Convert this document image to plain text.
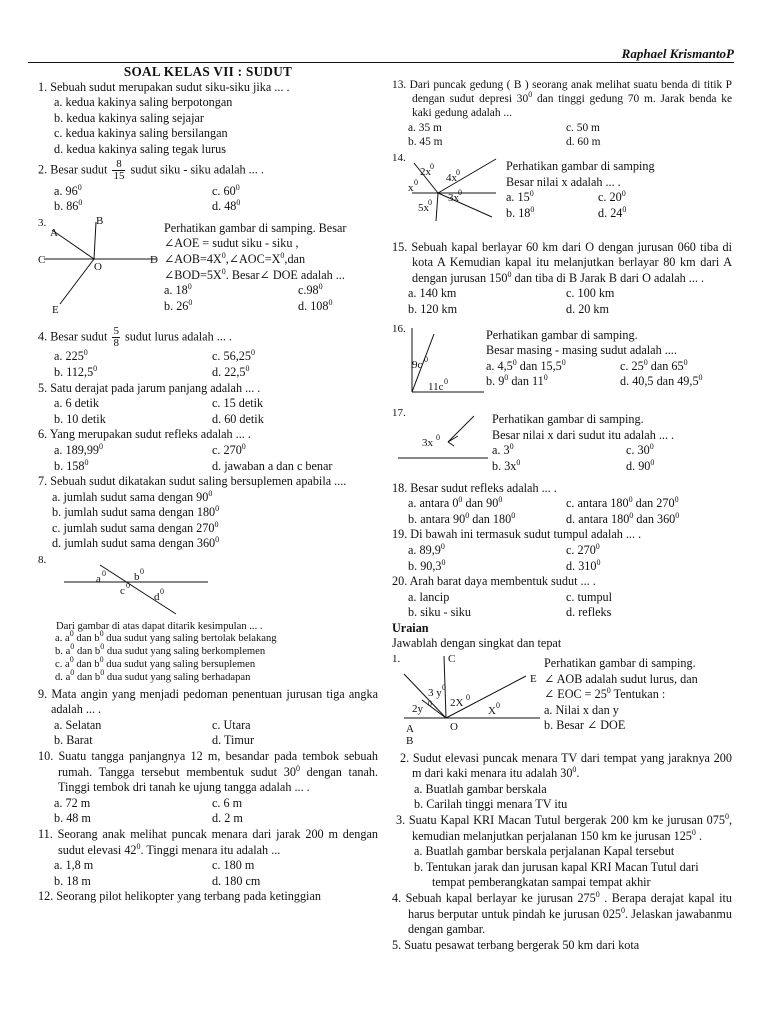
Raphael KrismantoP
SOAL KELAS VII : SUDUT
1. Sebuah sudut merupakan sudut siku-siku jika ... .
a. kedua kakinya saling berpotongan
b. kedua kakinya saling sejajar
c. kedua kakinya saling bersilangan
d. kedua kakinya saling tegak lurus
2. Besar sudut $\frac{8}{15}$ sudut siku - siku adalah ... .
a. $96^0$	c. $60^0$
b. $86^0$	d. $48^0$
3.
A
B
C	D
E
O
Perhatikan gambar di samping. Besar
∠AOE = sudut siku - siku ,
$\angle AOB=4X^0,\angle AOC=X^0,dan$
$\angle BOD=5X^0$. Besar∠ DOE adalah ...
a. $18^0$	$c.98^0$
b. $26^0$	d. $108^0$
4. Besar sudut $\frac{5}{8}$ sudut lurus adalah ... .
a. $225^0$	c. 56,25$^0$
b. 112,5$^0$	d. 22,5$^0$
5. Satu derajat pada jarum panjang adalah ... .
a. 6 detik	c. 15 detik
b. 10 detik	d. 60 detik
6. Yang merupakan sudut refleks adalah ... .
a. 189,99$^0$	c. $270^0$
b. $158^0$	d. jawaban a dan c benar
7. Sebuah sudut dikatakan sudut saling bersuplemen apabila ....
a. jumlah sudut sama dengan $90^0$
b. jumlah sudut sama dengan $180^0$
c. jumlah sudut sama dengan $270^0$
d. jumlah sudut sama dengan $360^0$
8.
a 0	b 0
c 0
d 0
Dari gambar di atas dapat ditarik kesimpulan ... .
a. $a^0$ dan $b^0$ dua sudut yang saling bertolak belakang
b. $a^0$ dan $b^0$ dua sudut yang saling berkomplemen
c. $a^0$ dan $b^0$ dua sudut yang saling bersuplemen
d. $a^0$ dan $b^0$ dua sudut yang saling berhadapan
9. Mata angin yang menjadi pedoman penentuan jurusan tiga angka adalah ... .
a. Selatan	c. Utara
b. Barat	d. Timur
10. Suatu tangga panjangnya 12 m, besandar pada tembok sebuah rumah. Tangga tersebut membentuk sudut $30^0$ dengan tanah. Tinggi tembok dri tanah ke ujung tangga adalah ... .
a. 72 m	c. 6 m
b. 48 m	d. 2 m
11. Seorang anak melihat puncak menara dari jarak 200 m dengan sudut elevasi $42^0$. Tinggi menara itu adalah ...
a. 1,8 m	c. 180 m
b. 18 m	d. 180 cm
12. Seorang pilot helikopter yang terbang pada ketinggian
13. Dari puncak gedung ( B ) seorang anak melihat suatu benda di titik P dengan sudut depresi $30^0$ dan tinggi gedung 70 m. Jarak benda ke kaki gedung adalah ...
a. 35 m	c. 50 m
b. 45 m	d. 60 m
14.
2x 0
4x 0
x 0
3x 0
5x 0
Perhatikan gambar di samping
Besar nilai x adalah ... .
a. $15^0$	c. $20^0$
b. $18^0$	d. $24^0$
15. Sebuah kapal berlayar 60 km dari O dengan jurusan 060 tiba di kota A Kemudian kapal itu melanjutkan berlayar 80 km dari A dengan jurusan $150^0$ dan tiba di B Jarak B dari O adalah ... .
a. 140 km	c. 100 km
b. 120 km	d. 20 km
16.
9c 0
11c 0
Perhatikan gambar di samping.
Besar masing - masing sudut adalah ....
a. $4,5^0$ dan 15,5$^0$	c. $25^0$ dan $65^0$
b. $9^0$ dan $11^0$	d. 40,5 dan 49,5$^0$
17.
3x 0
Perhatikan gambar di samping.
Besar nilai x dari sudut itu adalah ... .
a. $3^0$	c. $30^0$
b. $3x^0$	d. $90^0$
18. Besar sudut refleks adalah ... .
a. antara $0^0$ dan $90^0$	c. antara $180^0$ dan $270^0$
b. antara $90^0$ dan $180^0$	d. antara $180^0$ dan $360^0$
19. Di bawah ini termasuk sudut tumpul adalah ... .
a. 89,9$^0$	c. $270^0$
b. 90,3$^0$	d. $310^0$
20. Arah barat daya membentuk sudut ... .
a. lancip	c. tumpul
b. siku - siku	d. refleks
Uraian
Jawablah dengan singkat dan tepat
1.	C
E
A	O
B
3 y 0
2y 0 2X 0
X 0
Perhatikan gambar di samping.
∠ AOB adalah sudut lurus, dan
∠ EOC = $25^0$ Tentukan :
a. Nilai x dan y
b. Besar ∠ DOE
2. Sudut elevasi puncak menara TV dari tempat yang jaraknya 200 m dari kaki menara itu adalah $30^0$.
a. Buatlah gambar berskala
b. Carilah tinggi menara TV itu
3. Suatu Kapal KRI Macan Tutul bergerak 200 km ke jurusan $075^0$, kemudian melanjutkan perjalanan 150 km ke jurusan $125^0$ .
a. Buatlah gambar berskala perjalanan Kapal tersebut
b. Tentukan jarak dan jurusan kapal KRI Macan Tutul dari tempat pemberangkatan sampai tempat akhir
4. Sebuah kapal berlayar ke jurusan $275^0$ . Berapa derajat kapal itu harus berputar untuk pindah ke jurusan $025^0$. Jelaskan jawabanmu dengan gambar.
5. Suatu pesawat terbang bergerak 50 km dari kota
